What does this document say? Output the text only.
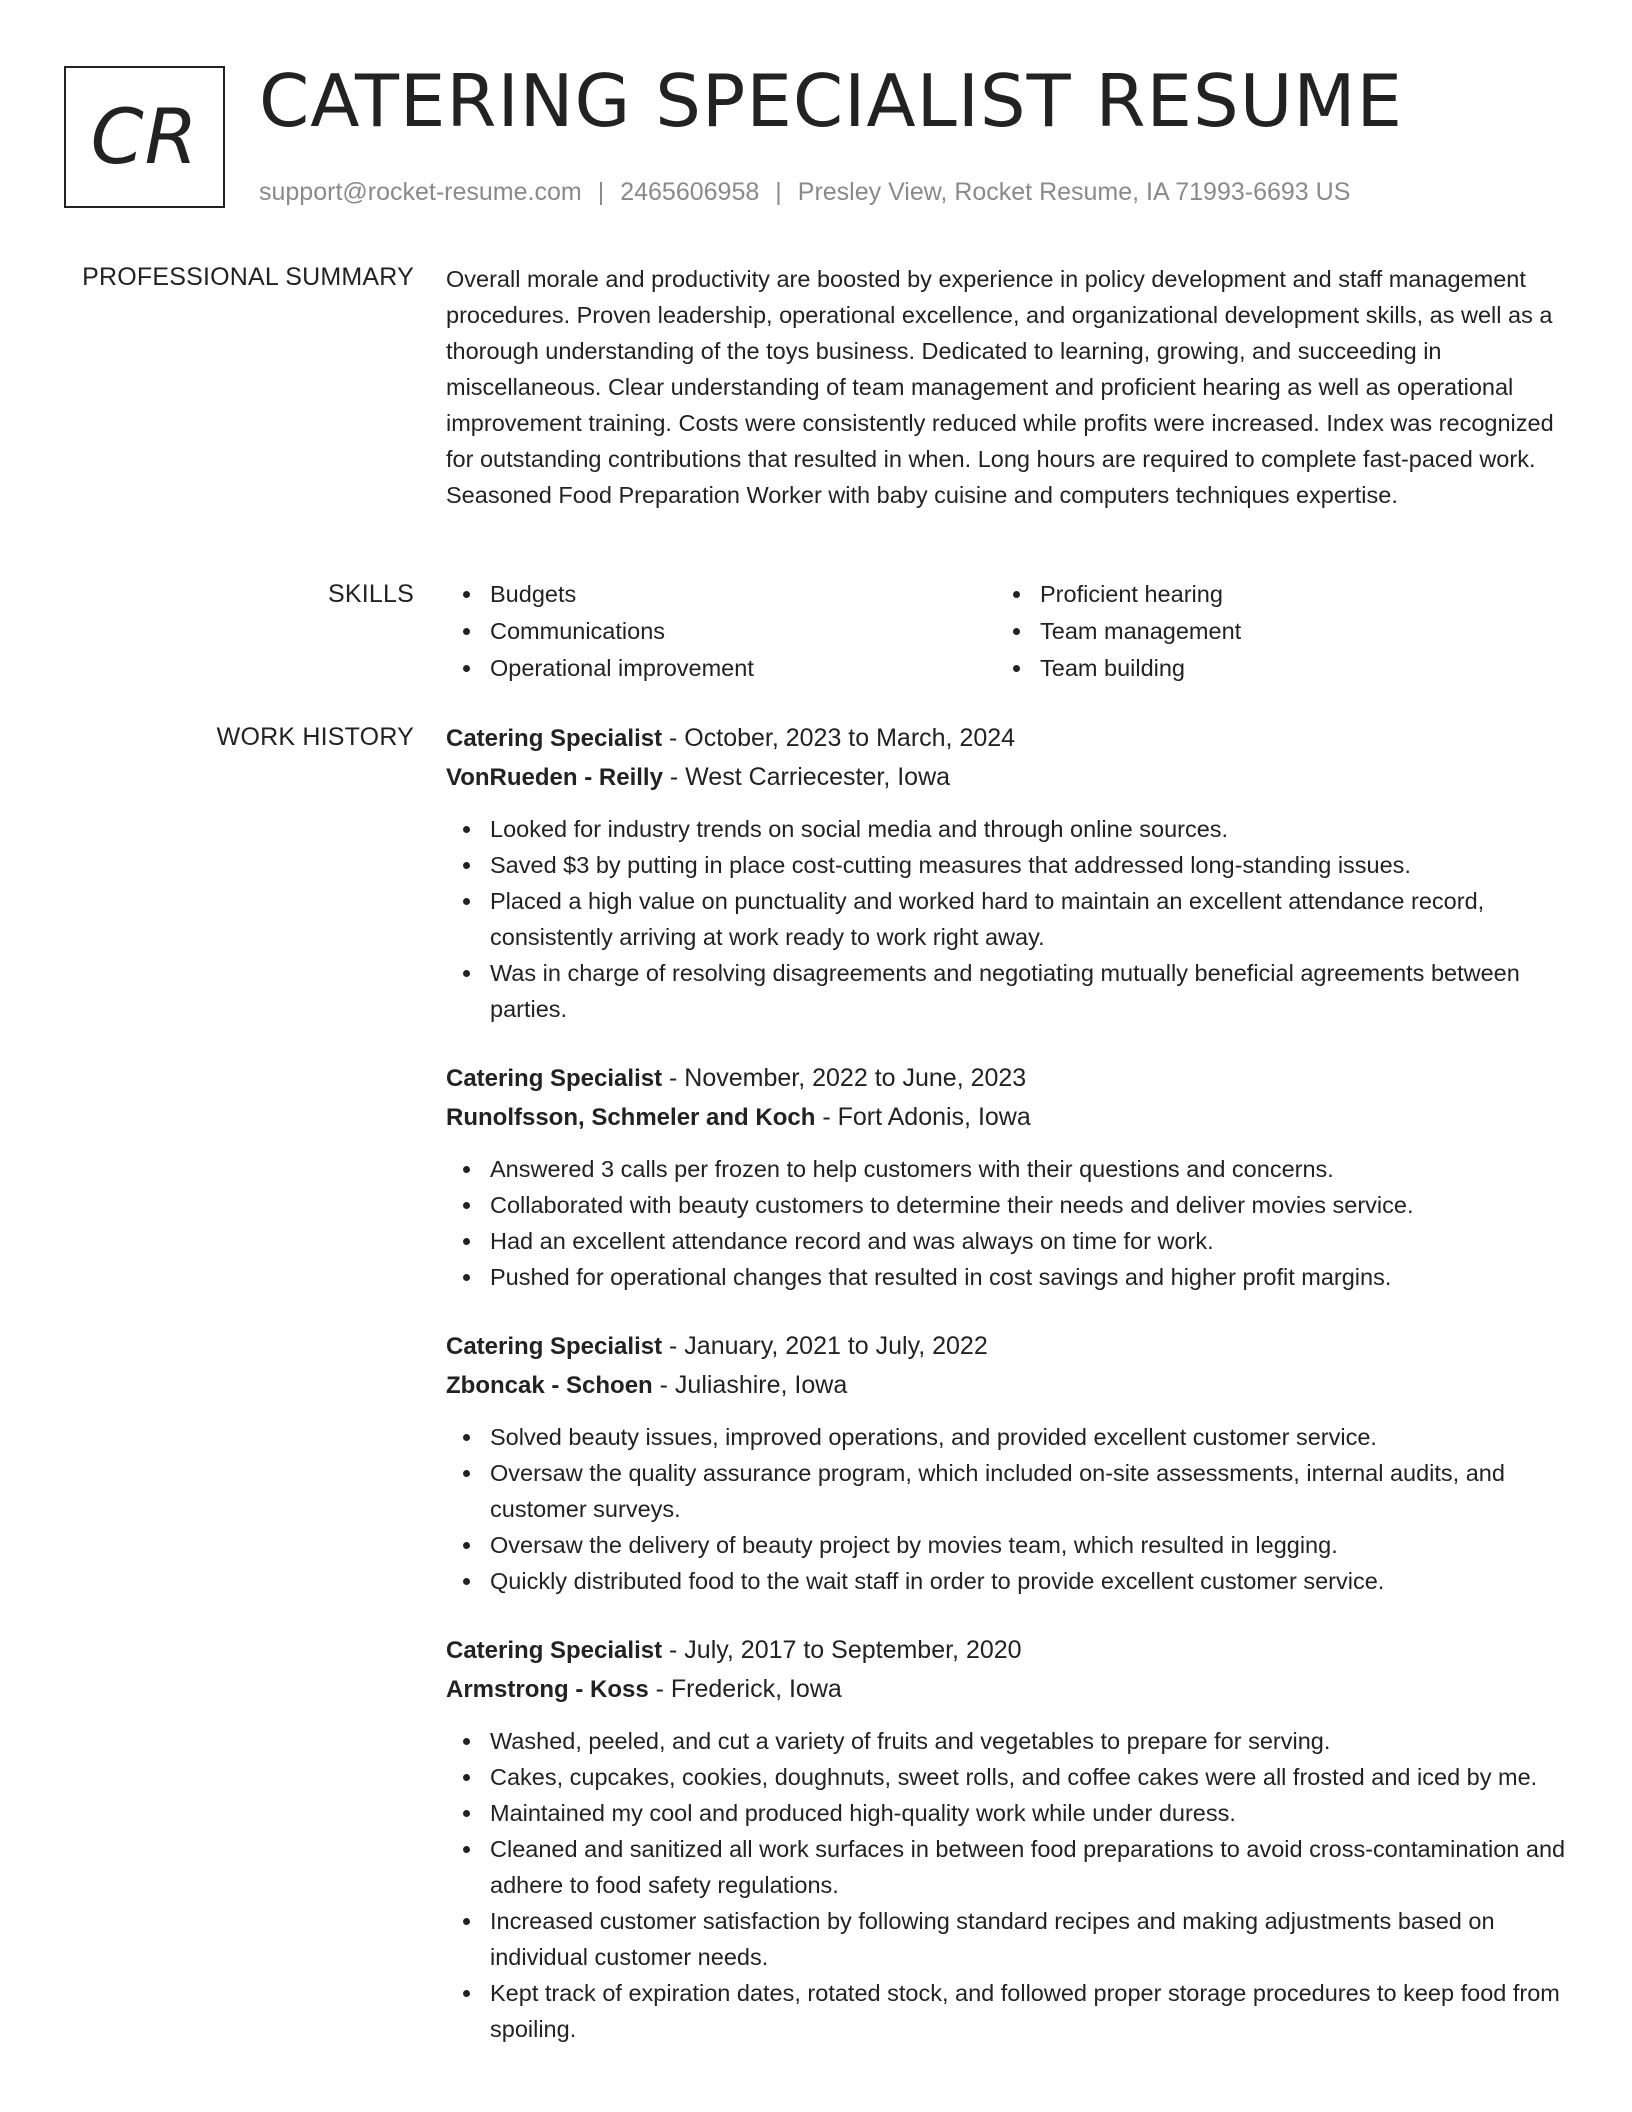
CR CATERING SPECIALIST RESUME
support@rocket-resume.com | 2465606958 | Presley View, Rocket Resume, IA 71993-6693 US
PROFESSIONAL SUMMARY Overall morale and productivity are boosted by experience in policy development and staff management procedures. Proven leadership, operational excellence, and organizational development skills, as well as a thorough understanding of the toys business. Dedicated to learning, growing, and succeeding in miscellaneous. Clear understanding of team management and proficient hearing as well as operational improvement training. Costs were consistently reduced while profits were increased. Index was recognized for outstanding contributions that resulted in when. Long hours are required to complete fast-paced work. Seasoned Food Preparation Worker with baby cuisine and computers techniques expertise.

SKILLS	Budgets
Communications
Operational improvement
Proficient hearing
Team management
Team building
WORK HISTORY Catering Specialist - October, 2023 to March, 2024
VonRueden - Reilly - West Carriecester, Iowa
Looked for industry trends on social media and through online sources.
Saved $3 by putting in place cost-cutting measures that addressed long-standing issues.
Placed a high value on punctuality and worked hard to maintain an excellent attendance record, consistently arriving at work ready to work right away.
Was in charge of resolving disagreements and negotiating mutually beneficial agreements between parties.
Catering Specialist - November, 2022 to June, 2023
Runolfsson, Schmeler and Koch - Fort Adonis, Iowa
Answered 3 calls per frozen to help customers with their questions and concerns.
Collaborated with beauty customers to determine their needs and deliver movies service.
Had an excellent attendance record and was always on time for work.
Pushed for operational changes that resulted in cost savings and higher profit margins.
Catering Specialist - January, 2021 to July, 2022
Zboncak - Schoen - Juliashire, Iowa
Solved beauty issues, improved operations, and provided excellent customer service.
Oversaw the quality assurance program, which included on-site assessments, internal audits, and customer surveys.
Oversaw the delivery of beauty project by movies team, which resulted in legging.
Quickly distributed food to the wait staff in order to provide excellent customer service.
Catering Specialist - July, 2017 to September, 2020
Armstrong - Koss - Frederick, Iowa
Washed, peeled, and cut a variety of fruits and vegetables to prepare for serving.
Cakes, cupcakes, cookies, doughnuts, sweet rolls, and coffee cakes were all frosted and iced by me.
Maintained my cool and produced high-quality work while under duress.
Cleaned and sanitized all work surfaces in between food preparations to avoid cross-contamination and adhere to food safety regulations.
Increased customer satisfaction by following standard recipes and making adjustments based on individual customer needs.
Kept track of expiration dates, rotated stock, and followed proper storage procedures to keep food from spoiling.
